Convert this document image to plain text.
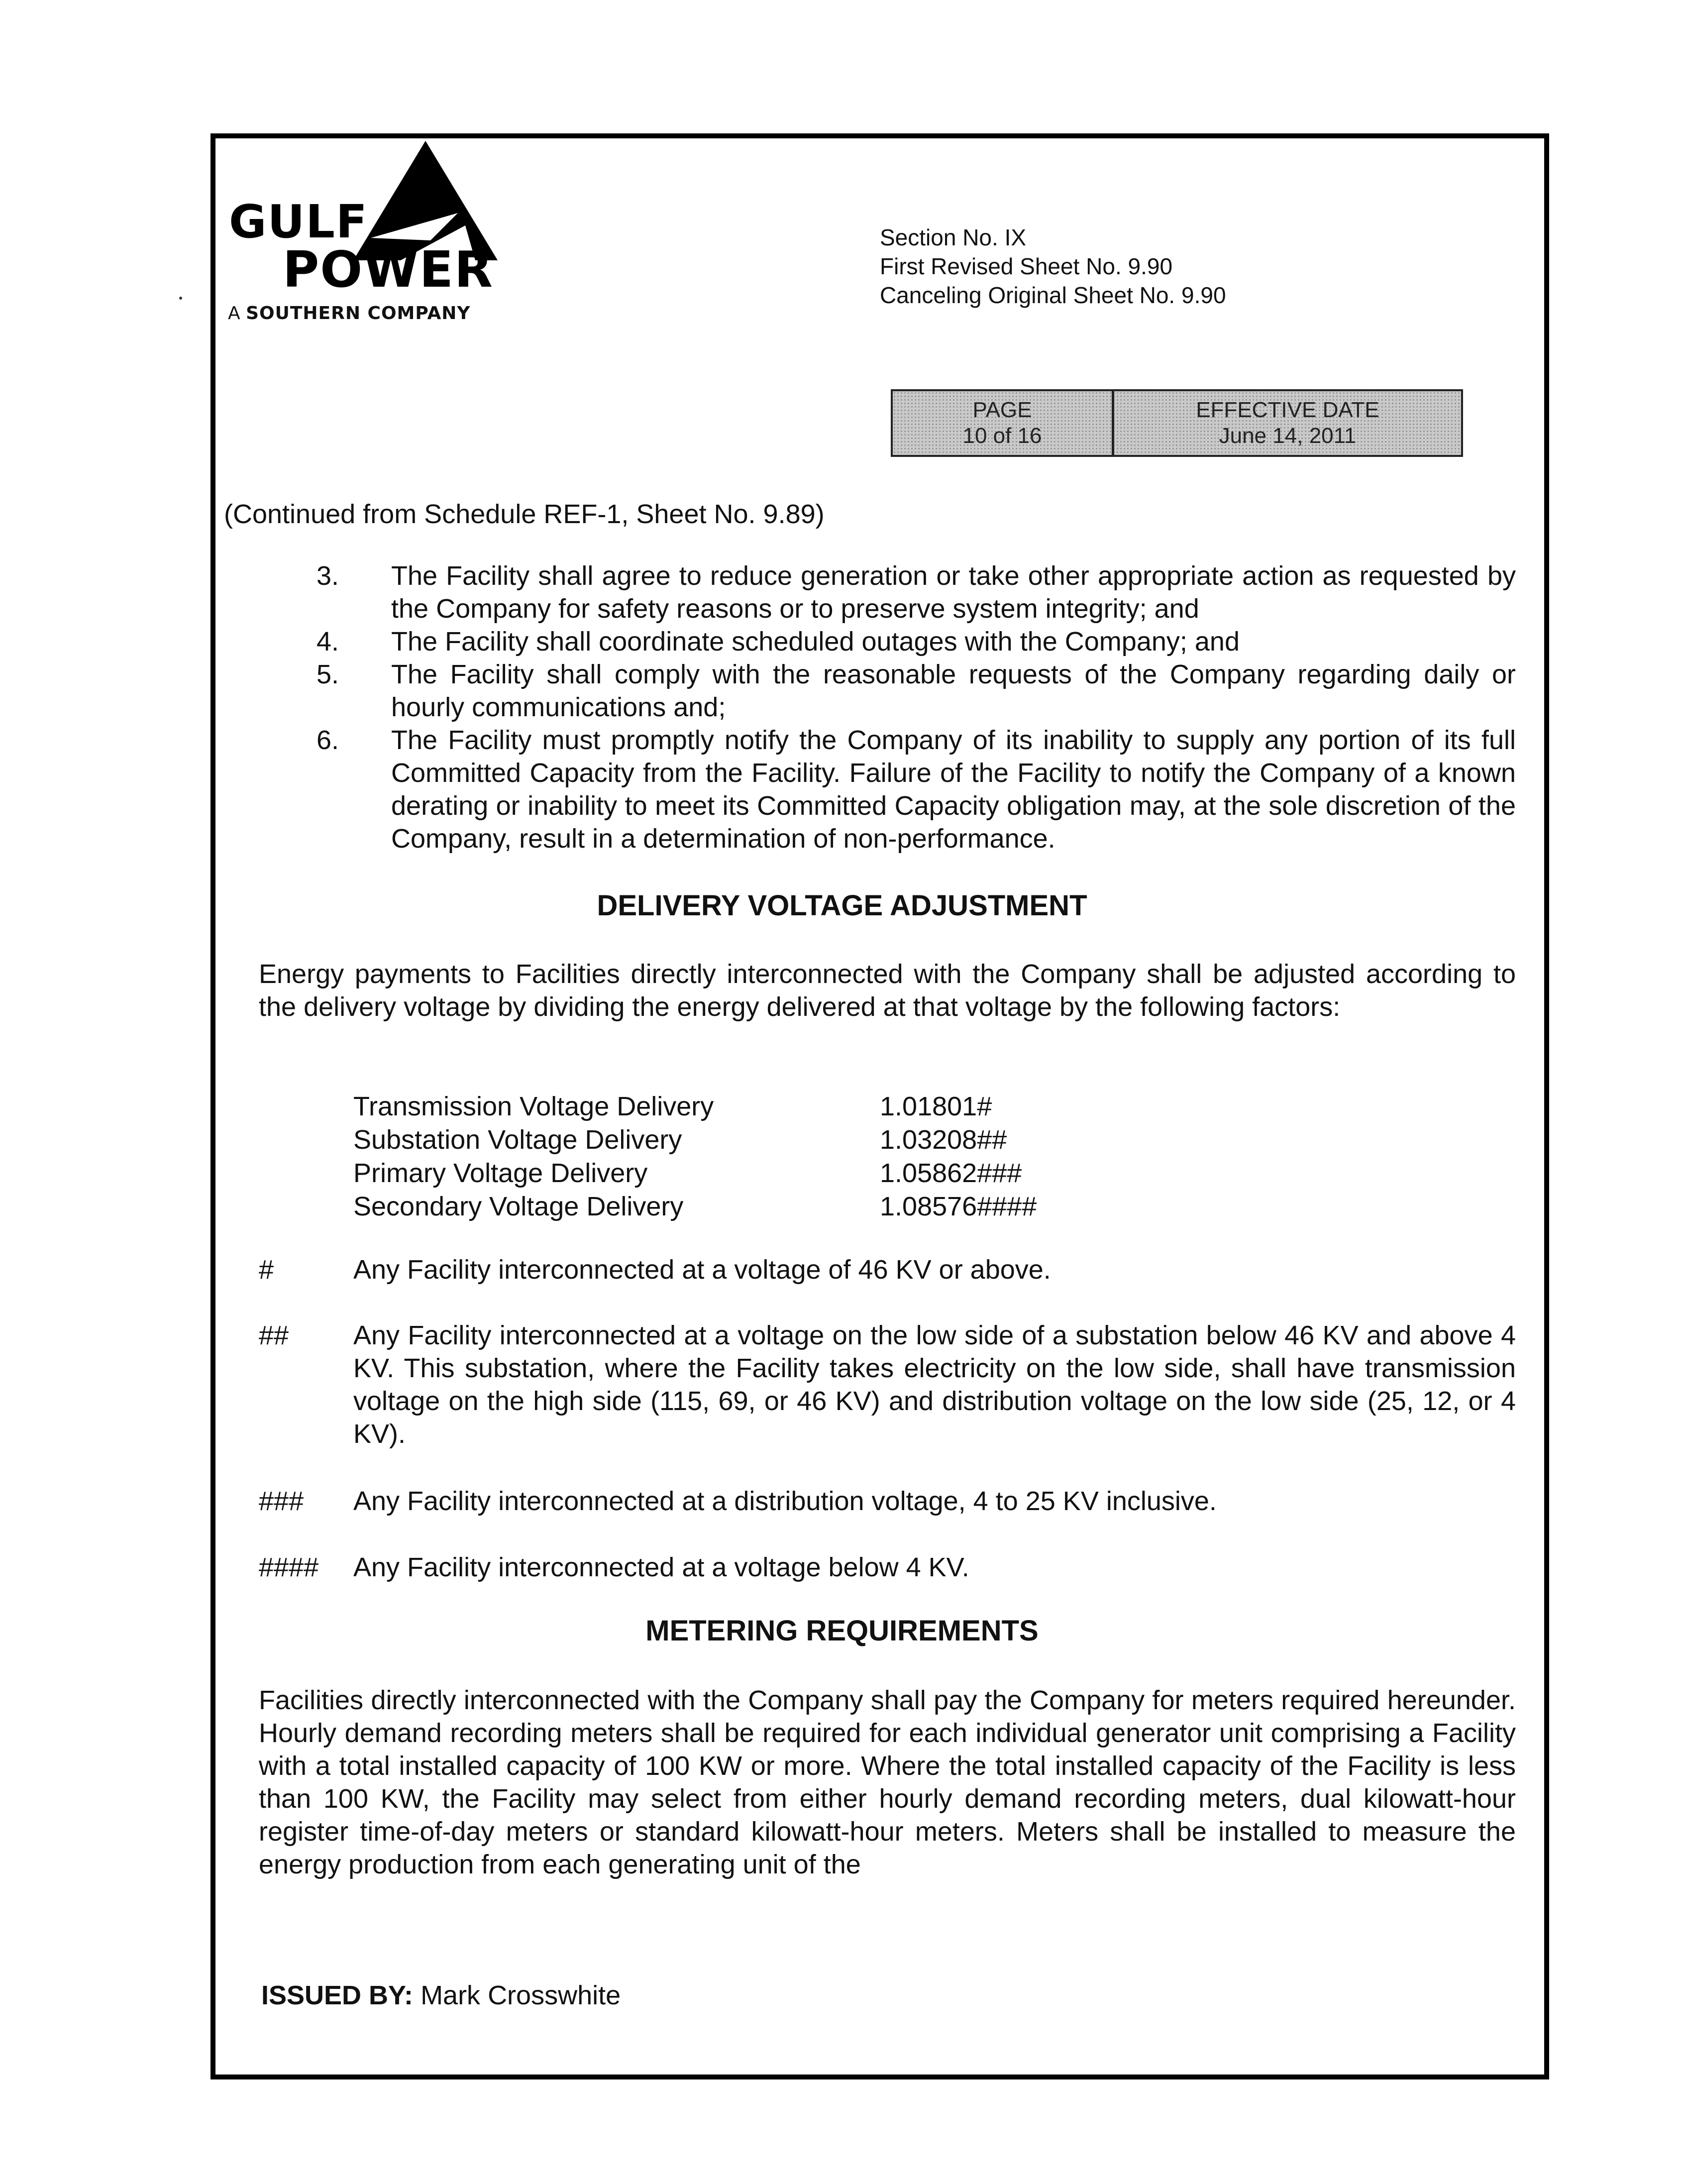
GULF
POWER
A SOUTHERN COMPANY
Section No. IX
First Revised Sheet No. 9.90
Canceling Original Sheet No. 9.90
PAGE
10 of 16
EFFECTIVE DATE
June 14, 2011
(Continued from Schedule REF-1, Sheet No. 9.89)
3.	The Facility shall agree to reduce generation or take other appropriate action as requested by the Company for safety reasons or to preserve system integrity; and
4.	The Facility shall coordinate scheduled outages with the Company; and
5.	The Facility shall comply with the reasonable requests of the Company regarding daily or hourly communications and;
6.	The Facility must promptly notify the Company of its inability to supply any portion of its full Committed Capacity from the Facility. Failure of the Facility to notify the Company of a known derating or inability to meet its Committed Capacity obligation may, at the sole discretion of the Company, result in a determination of non-performance.
DELIVERY VOLTAGE ADJUSTMENT
Energy payments to Facilities directly interconnected with the Company shall be adjusted according to the delivery voltage by dividing the energy delivered at that voltage by the following factors:
Transmission Voltage Delivery	1.01801#
Substation Voltage Delivery	1.03208##
Primary Voltage Delivery	1.05862###
Secondary Voltage Delivery	1.08576####
#	Any Facility interconnected at a voltage of 46 KV or above.
##	Any Facility interconnected at a voltage on the low side of a substation below 46 KV and above 4 KV. This substation, where the Facility takes electricity on the low side, shall have transmission voltage on the high side (115, 69, or 46 KV) and distribution voltage on the low side (25, 12, or 4 KV).
###	Any Facility interconnected at a distribution voltage, 4 to 25 KV inclusive.
####	Any Facility interconnected at a voltage below 4 KV.
METERING REQUIREMENTS
Facilities directly interconnected with the Company shall pay the Company for meters required hereunder. Hourly demand recording meters shall be required for each individual generator unit comprising a Facility with a total installed capacity of 100 KW or more. Where the total installed capacity of the Facility is less than 100 KW, the Facility may select from either hourly demand recording meters, dual kilowatt-hour register time-of-day meters or standard kilowatt-hour meters. Meters shall be installed to measure the energy production from each generating unit of the
ISSUED BY: Mark Crosswhite
